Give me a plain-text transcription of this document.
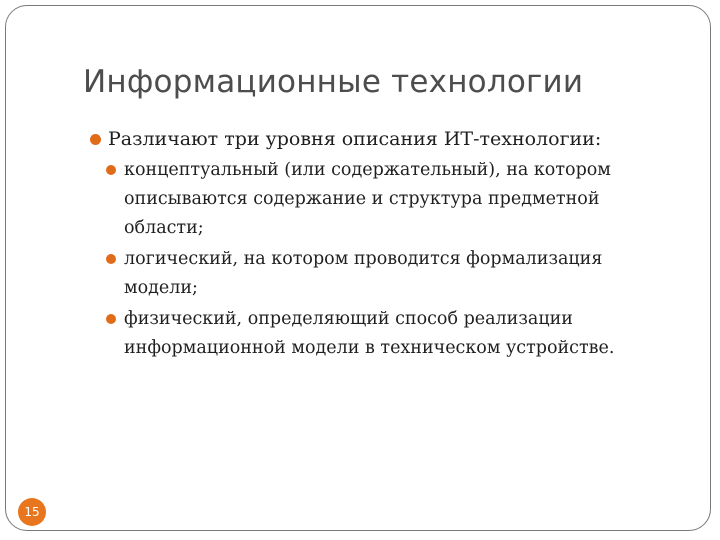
Информационные технологии
Различают три уровня описания ИТ-технологии:
концептуальный (или содержательный), на котором описываются содержание и структура предметной области;
логический, на котором проводится формализация модели;
физический, определяющий способ реализации информационной модели в техническом устройстве.
15
